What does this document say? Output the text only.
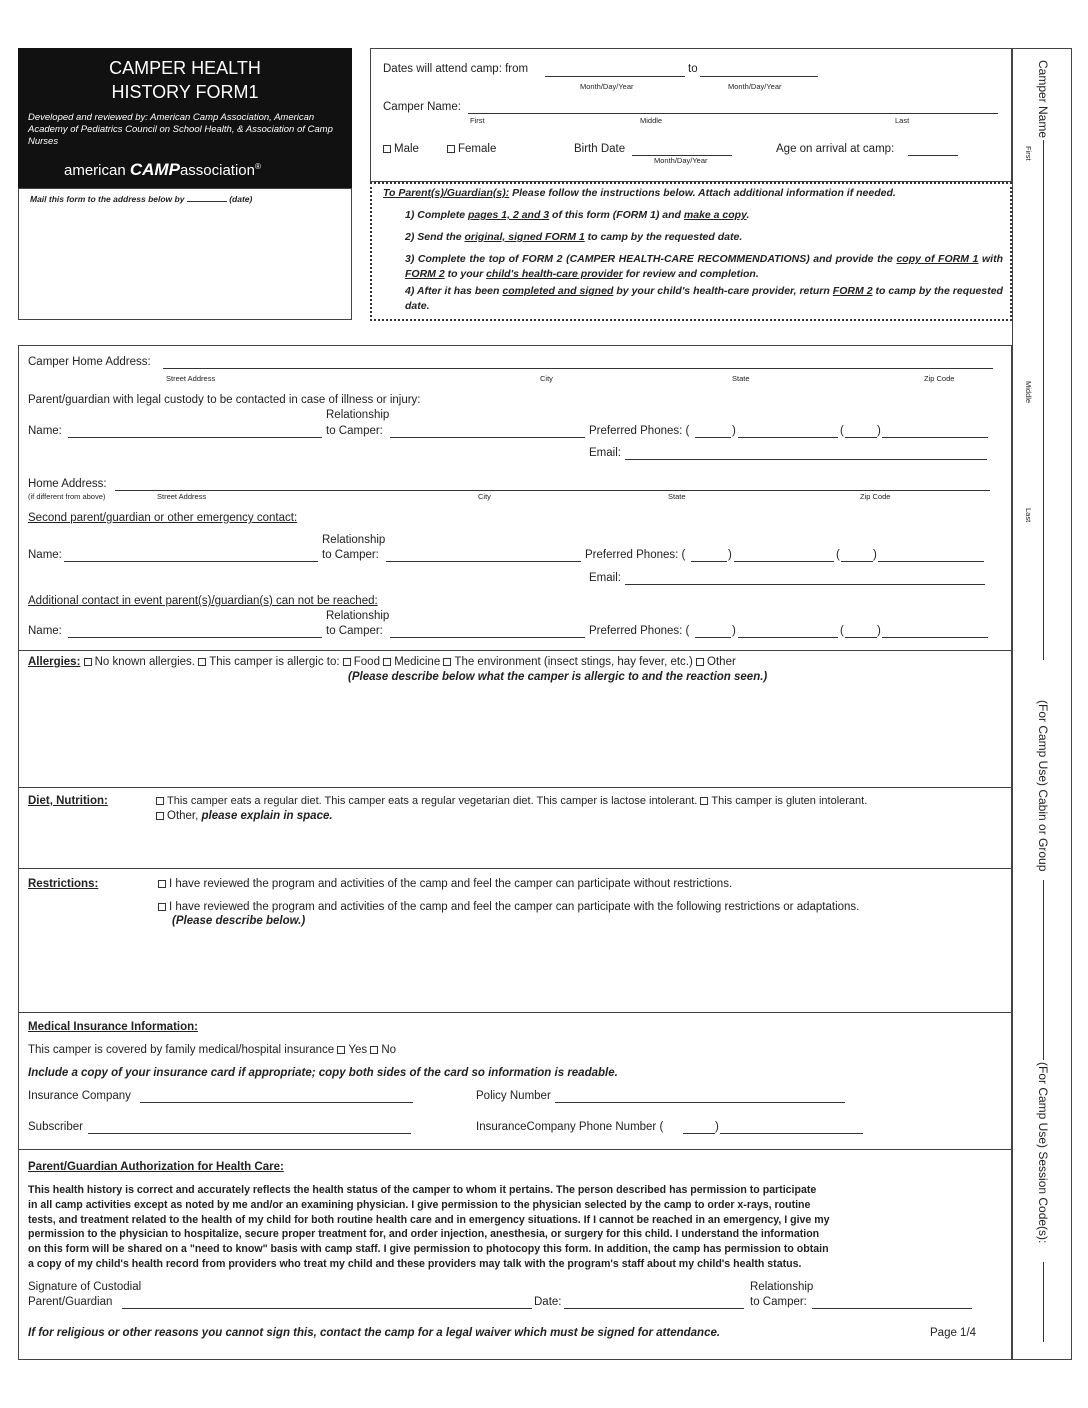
CAMPER HEALTH
HISTORY FORM1
Developed and reviewed by: American Camp Association, American Academy of Pediatrics Council on School Health, & Association of Camp Nurses
american CAMPassociation®
Mail this form to the address below by	(date)
Dates will attend camp: from	to
Month/Day/Year	Month/Day/Year
Camper Name:
First	Middle	Last
Male	Female	Birth Date
Month/Day/Year
Age on arrival at camp:
To Parent(s)/Guardian(s): Please follow the instructions below. Attach additional information if needed.
1) Complete pages 1, 2 and 3 of this form (FORM 1) and make a copy.
2) Send the original, signed FORM 1 to camp by the requested date.
3) Complete the top of FORM 2 (CAMPER HEALTH-CARE RECOMMENDATIONS) and provide the copy of FORM 1 with FORM 2 to your child's health-care provider for review and completion.
4) After it has been completed and signed by your child's health-care provider, return FORM 2 to camp by the requested date.
Camper Home Address:
Street Address	City	State	Zip Code
Parent/guardian with legal custody to be contacted in case of illness or injury:
Relationship
Name:	to Camper:	Preferred Phones: (	)	(	)
Email:
Home Address:
(if different from above)	Street Address	City	State	Zip Code
Second parent/guardian or other emergency contact:
Relationship
Name:	to Camper:	Preferred Phones: (	)	(	)
Email:
Additional contact in event parent(s)/guardian(s) can not be reached:
Relationship
Name:	to Camper:	Preferred Phones: (	)	(	)
Allergies: No known allergies. This camper is allergic to: Food Medicine The environment (insect stings, hay fever, etc.) Other
(Please describe below what the camper is allergic to and the reaction seen.)
Diet, Nutrition:	This camper eats a regular diet. This camper eats a regular vegetarian diet. This camper is lactose intolerant. This camper is gluten intolerant.
Other, please explain in space.
Restrictions:	I have reviewed the program and activities of the camp and feel the camper can participate without restrictions.
I have reviewed the program and activities of the camp and feel the camper can participate with the following restrictions or adaptations.
(Please describe below.)
Medical Insurance Information:
This camper is covered by family medical/hospital insurance Yes No
Include a copy of your insurance card if appropriate; copy both sides of the card so information is readable.
Insurance Company	Policy Number
Subscriber	InsuranceCompany Phone Number (	)
Parent/Guardian Authorization for Health Care:
This health history is correct and accurately reflects the health status of the camper to whom it pertains. The person described has permission to participate
in all camp activities except as noted by me and/or an examining physician. I give permission to the physician selected by the camp to order x-rays, routine
tests, and treatment related to the health of my child for both routine health care and in emergency situations. If I cannot be reached in an emergency, I give my
permission to the physician to hospitalize, secure proper treatment for, and order injection, anesthesia, or surgery for this child. I understand the information
on this form will be shared on a "need to know" basis with camp staff. I give permission to photocopy this form. In addition, the camp has permission to obtain
a copy of my child's health record from providers who treat my child and these providers may talk with the program's staff about my child's health status.
Signature of Custodial
Parent/Guardian	Date:
Relationship
to Camper:
If for religious or other reasons you cannot sign this, contact the camp for a legal waiver which must be signed for attendance.	Page 1/4
Camper Name
First
Middle
Last
(For Camp Use) Cabin or Group
(For Camp Use) Session Code(s):
